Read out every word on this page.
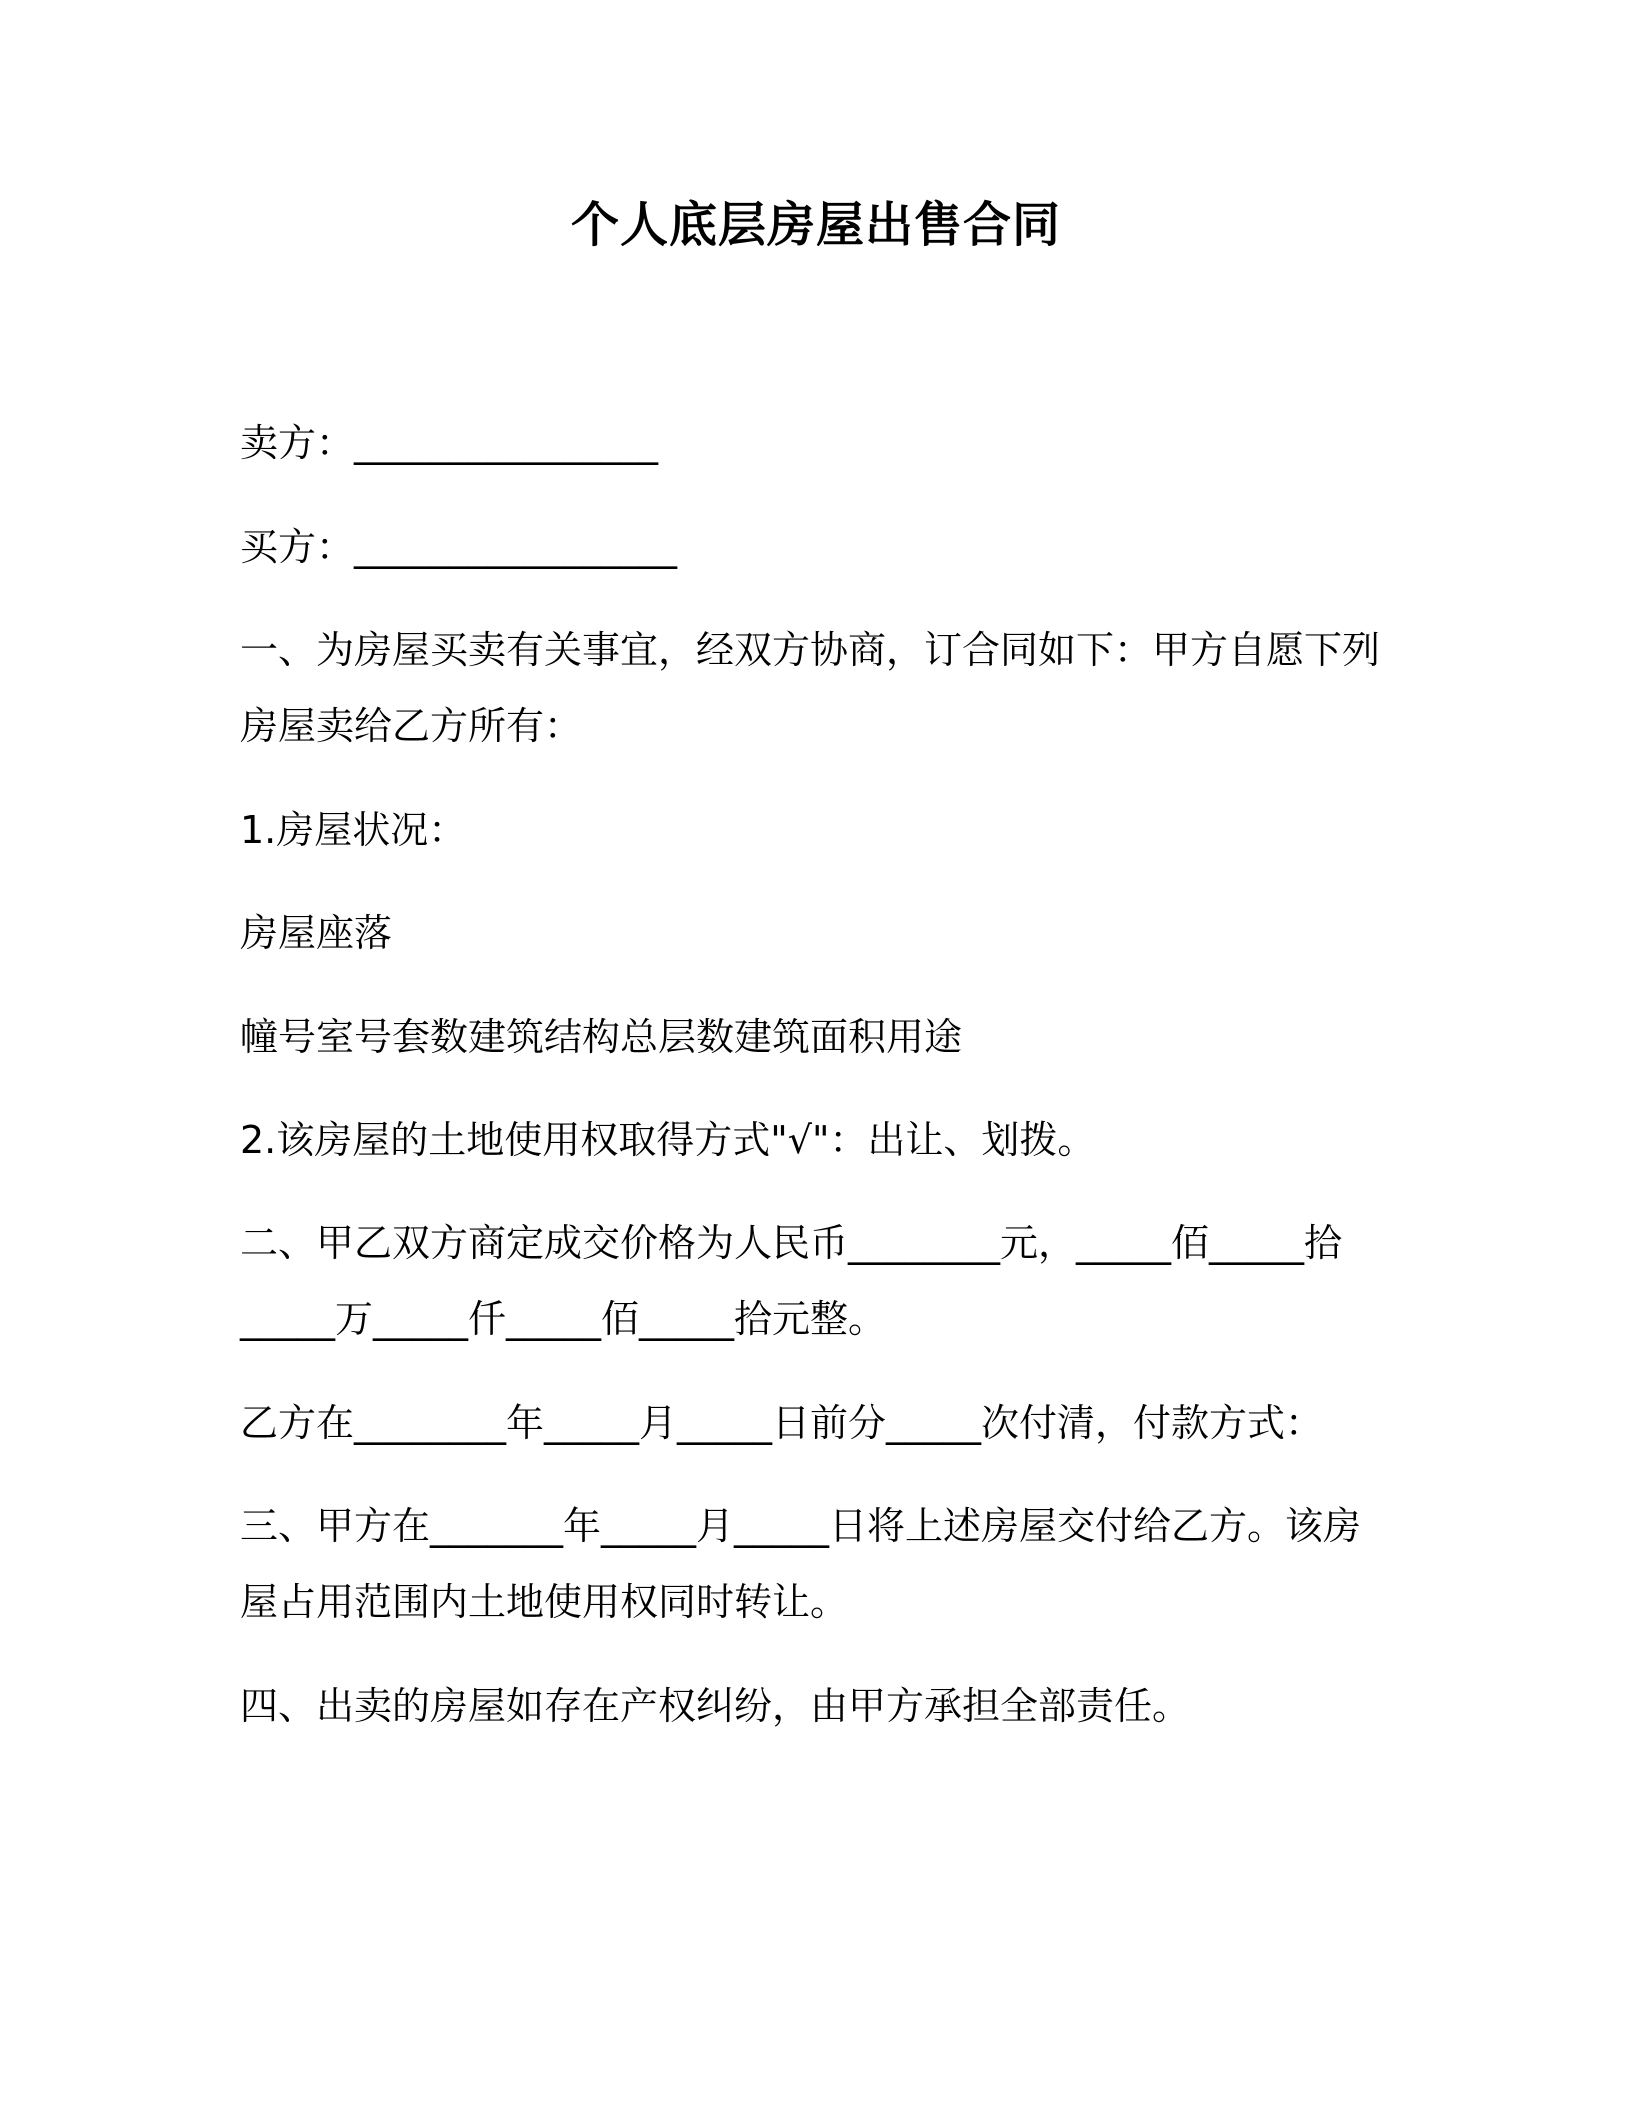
个人底层房屋出售合同
卖方：________________
买方：_________________
一、为房屋买卖有关事宜，经双方协商，订合同如下：甲方自愿下列
房屋卖给乙方所有：
1.房屋状况：
房屋座落
幢号室号套数建筑结构总层数建筑面积用途
2.该房屋的土地使用权取得方式"√"：出让、划拨。
二、甲乙双方商定成交价格为人民币________元，_____佰_____拾
_____万_____仟_____佰_____拾元整。
乙方在________年_____月_____日前分_____次付清，付款方式：
三、甲方在_______年_____月_____日将上述房屋交付给乙方。该房
屋占用范围内土地使用权同时转让。
四、出卖的房屋如存在产权纠纷，由甲方承担全部责任。
